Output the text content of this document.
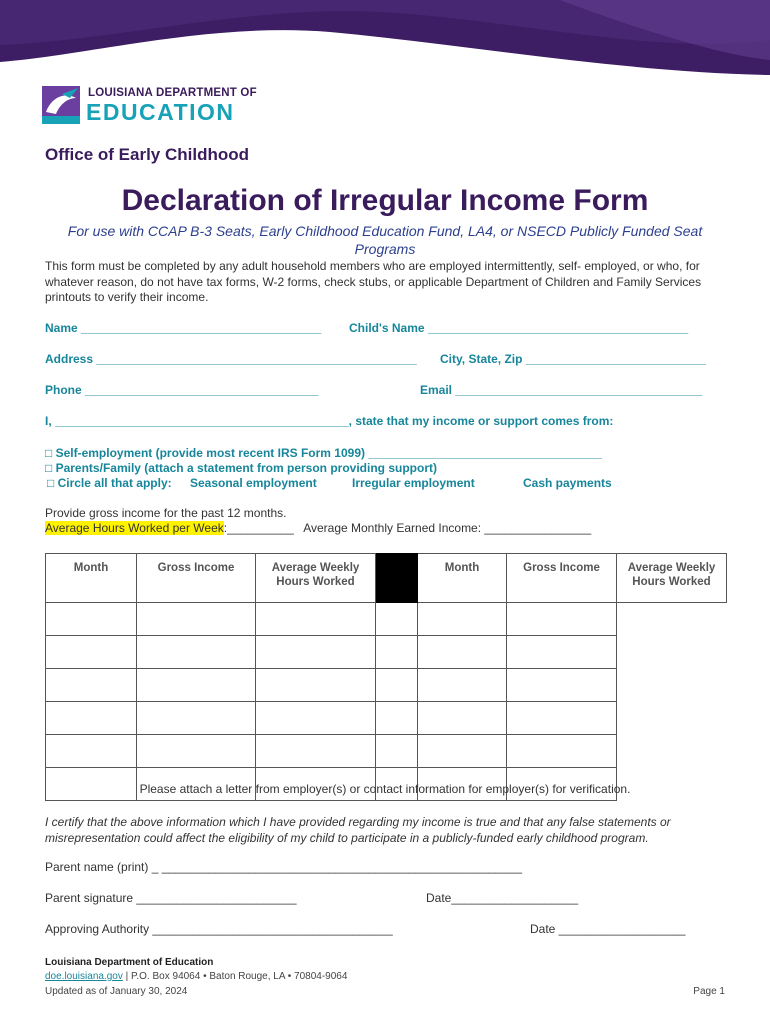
LOUISIANA DEPARTMENT OF
EDUCATION
Office of Early Childhood
Declaration of Irregular Income Form
For use with CCAP B-3 Seats, Early Childhood Education Fund, LA4, or NSECD Publicly Funded Seat Programs
This form must be completed by any adult household members who are employed intermittently, self- employed, or who, for whatever reason, do not have tax forms, W-2 forms, check stubs, or applicable Department of Children and Family Services printouts to verify their income.
Name ____________________________________ Child's Name _______________________________________
Address ________________________________________________ City, State, Zip ___________________________
Phone ___________________________________	Email _____________________________________
I, ____________________________________________, state that my income or support comes from:
□ Self-employment (provide most recent IRS Form 1099) ___________________________________
□ Parents/Family (attach a statement from person providing support)
□ Circle all that apply: Seasonal employment	Irregular employment	Cash payments
Provide gross income for the past 12 months.
Average Hours Worked per Week:__________ Average Monthly Earned Income: ________________
Month	Gross Income	Average Weekly Hours Worked		Month	Gross Income	Average Weekly Hours Worked

Please attach a letter from employer(s) or contact information for employer(s) for verification.
I certify that the above information which I have provided regarding my income is true and that any false statements or misrepresentation could affect the eligibility of my child to participate in a publicly-funded early childhood program.
Parent name (print) _ ______________________________________________________
Parent signature ________________________	Date___________________
Approving Authority ____________________________________	Date ___________________
Louisiana Department of Education
doe.louisiana.gov | P.O. Box 94064 • Baton Rouge, LA • 70804-9064
Updated as of January 30, 2024	Page 1
